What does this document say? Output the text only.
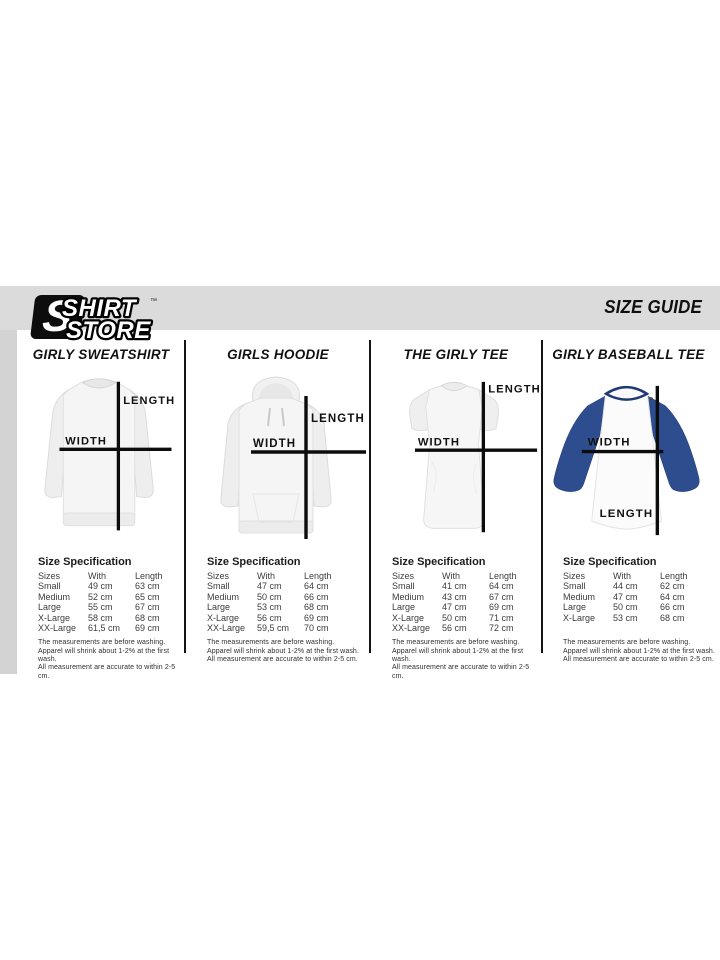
S
SHIRT
STORE
™	SIZE GUIDE
GIRLY SWEATSHIRT
LENGTH
WIDTH
Size Specification
Sizes	With	Length
Small	49 cm	63 cm
Medium	52 cm	65 cm
Large	55 cm	67 cm
X-Large	58 cm	68 cm
XX-Large	61,5 cm	69 cm
The measurements are before washing.
Apparel will shrink about 1-2% at the first wash.
All measurement are accurate to within 2-5 cm.
GIRLS HOODIE
LENGTH
WIDTH
Size Specification
Sizes	With	Length
Small	47 cm	64 cm
Medium	50 cm	66 cm
Large	53 cm	68 cm
X-Large	56 cm	69 cm
XX-Large	59,5 cm	70 cm
The measurements are before washing.
Apparel will shrink about 1-2% at the first wash.
All measurement are accurate to within 2-5 cm.
THE GIRLY TEE
LENGTH
WIDTH
Size Specification
Sizes	With	Length
Small	41 cm	64 cm
Medium	43 cm	67 cm
Large	47 cm	69 cm
X-Large	50 cm	71 cm
XX-Large	56 cm	72 cm
The measurements are before washing.
Apparel will shrink about 1-2% at the first wash.
All measurement are accurate to within 2-5 cm.
GIRLY BASEBALL TEE
WIDTH
LENGTH
Size Specification
Sizes	With	Length
Small	44 cm	62 cm
Medium	47 cm	64 cm
Large	50 cm	66 cm
X-Large	53 cm	68 cm
The measurements are before washing.
Apparel will shrink about 1-2% at the first wash.
All measurement are accurate to within 2-5 cm.
